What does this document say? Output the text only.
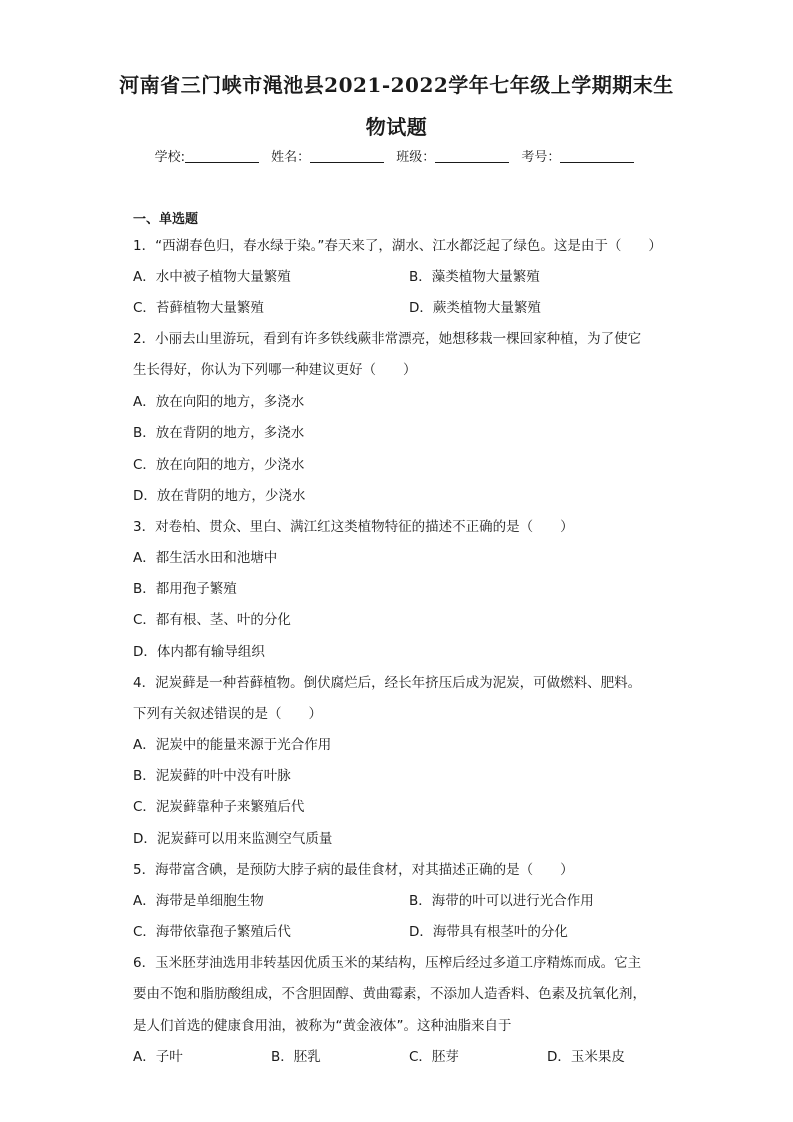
河南省三门峡市渑池县2021-2022学年七年级上学期期末生
物试题
学校:	姓名：	班级：	考号：
一、单选题
1．“西湖春色归，春水绿于染。”春天来了，湖水、江水都泛起了绿色。这是由于（　　）
A．水中被子植物大量繁殖	B．藻类植物大量繁殖
C．苔藓植物大量繁殖	D．蕨类植物大量繁殖
2．小丽去山里游玩，看到有许多铁线蕨非常漂亮，她想移栽一棵回家种植，为了使它
生长得好，你认为下列哪一种建议更好（　　）
A．放在向阳的地方，多浇水
B．放在背阴的地方，多浇水
C．放在向阳的地方，少浇水
D．放在背阴的地方，少浇水
3．对卷柏、贯众、里白、满江红这类植物特征的描述不正确的是（　　）
A．都生活水田和池塘中
B．都用孢子繁殖
C．都有根、茎、叶的分化
D．体内都有输导组织
4．泥炭藓是一种苔藓植物。倒伏腐烂后，经长年挤压后成为泥炭，可做燃料、肥料。
下列有关叙述错误的是（　　）
A．泥炭中的能量来源于光合作用
B．泥炭藓的叶中没有叶脉
C．泥炭藓靠种子来繁殖后代
D．泥炭藓可以用来监测空气质量
5．海带富含碘，是预防大脖子病的最佳食材，对其描述正确的是（　　）
A．海带是单细胞生物	B．海带的叶可以进行光合作用
C．海带依靠孢子繁殖后代	D．海带具有根茎叶的分化
6．玉米胚芽油选用非转基因优质玉米的某结构，压榨后经过多道工序精炼而成。它主
要由不饱和脂肪酸组成，不含胆固醇、黄曲霉素，不添加人造香料、色素及抗氧化剂，
是人们首选的健康食用油，被称为“黄金液体”。这种油脂来自于
A．子叶	B．胚乳	C．胚芽	D．玉米果皮
